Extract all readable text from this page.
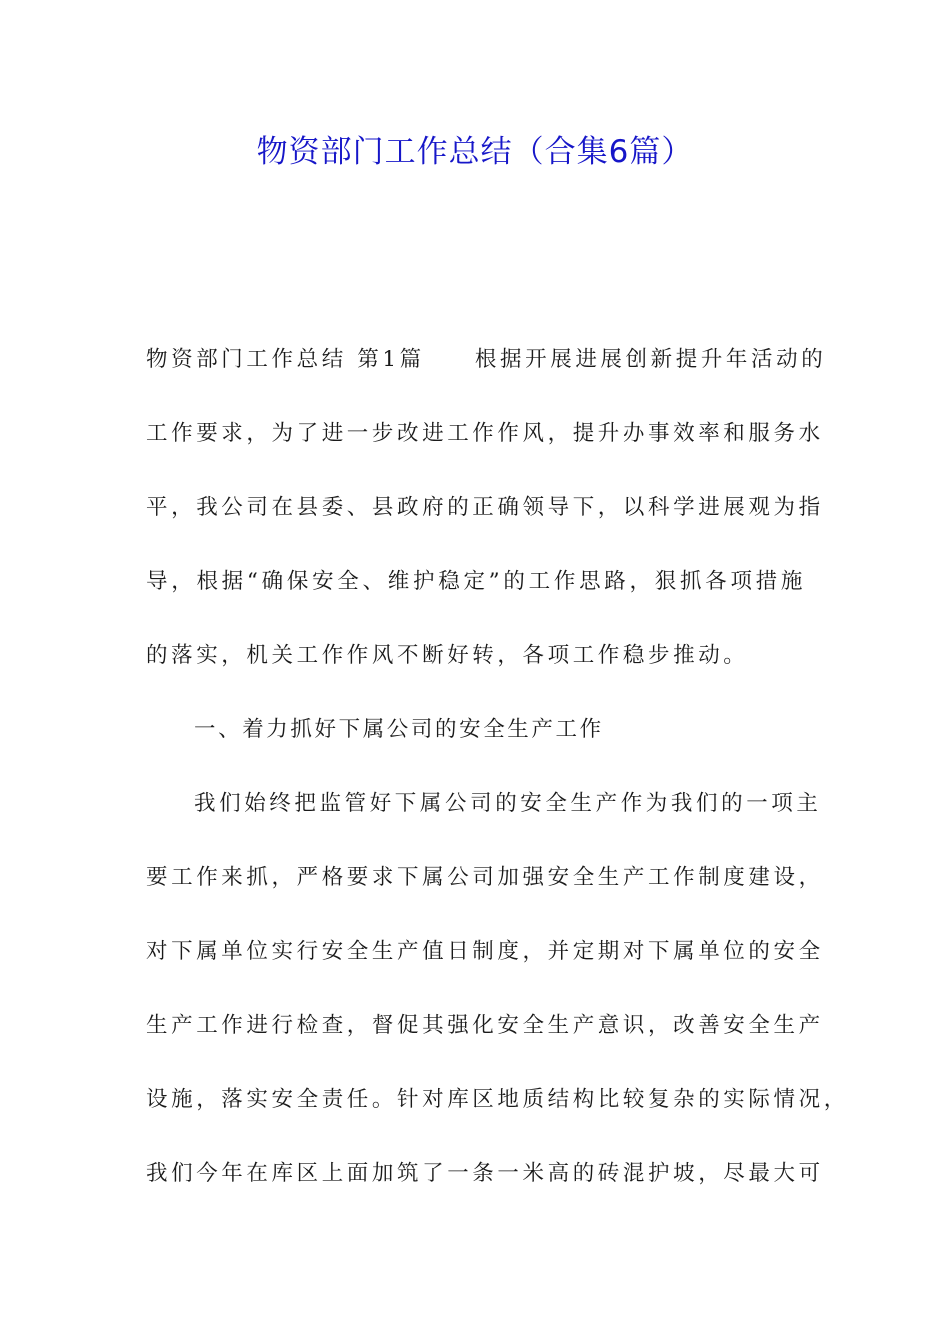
物资部门工作总结（合集6篇）
物资部门工作总结 第1篇　　根据开展进展创新提升年活动的
工作要求，为了进一步改进工作作风，提升办事效率和服务水
平，我公司在县委、县政府的正确领导下，以科学进展观为指
导，根据“确保安全、维护稳定”的工作思路，狠抓各项措施
的落实，机关工作作风不断好转，各项工作稳步推动。
一、着力抓好下属公司的安全生产工作
我们始终把监管好下属公司的安全生产作为我们的一项主
要工作来抓，严格要求下属公司加强安全生产工作制度建设，
对下属单位实行安全生产值日制度，并定期对下属单位的安全
生产工作进行检查，督促其强化安全生产意识，改善安全生产
设施，落实安全责任。针对库区地质结构比较复杂的实际情况，
我们今年在库区上面加筑了一条一米高的砖混护坡，尽最大可
